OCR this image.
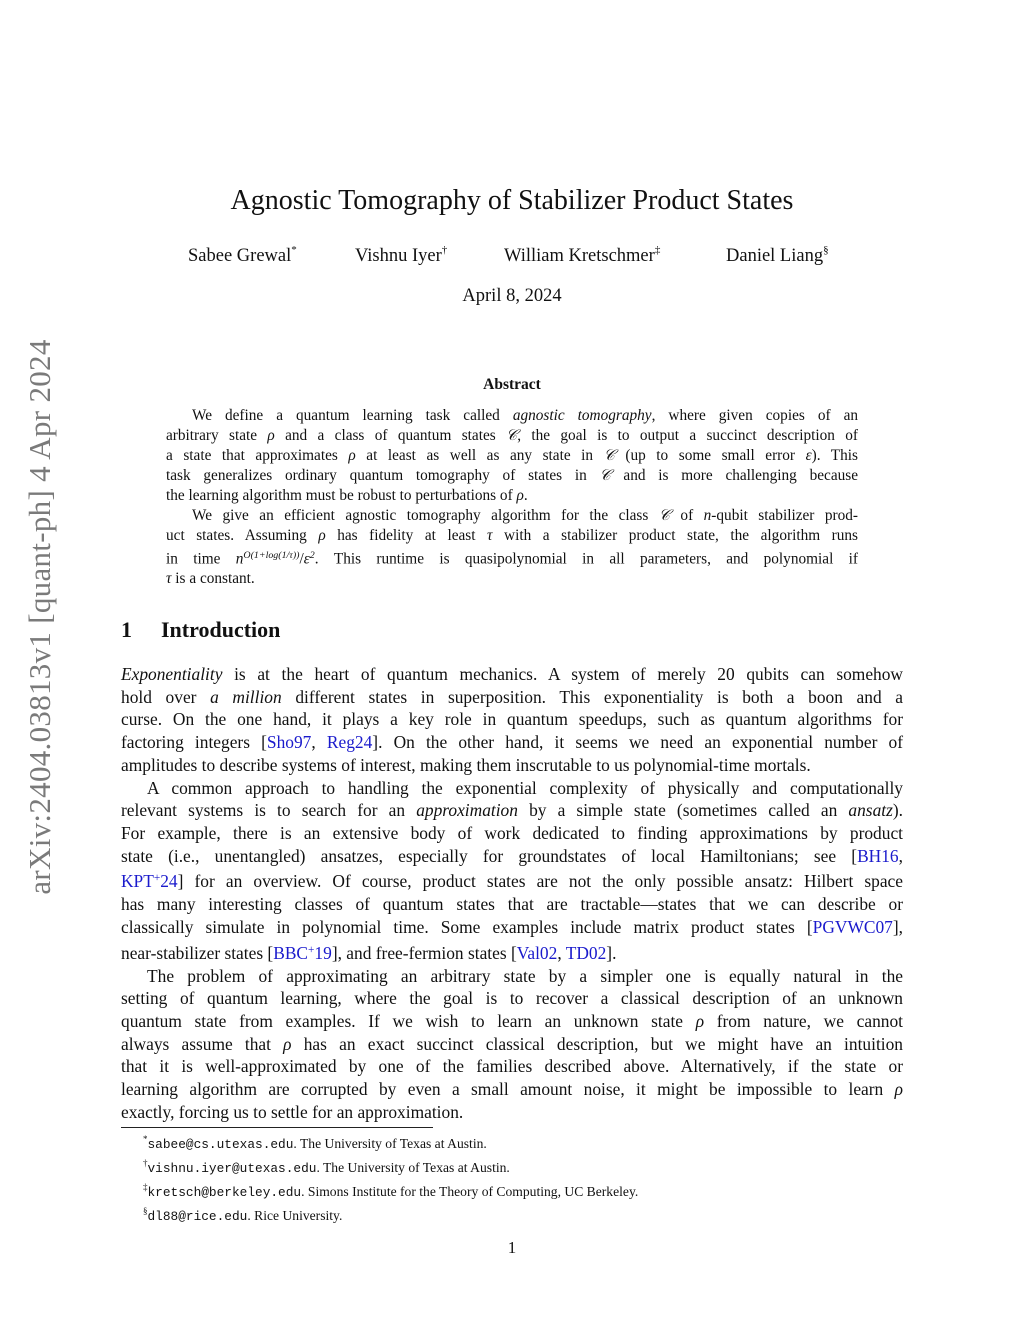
arXiv:2404.03813v1 [quant-ph] 4 Apr 2024
Agnostic Tomography of Stabilizer Product States
Sabee Grewal*	Vishnu Iyer†	William Kretschmer‡	Daniel Liang§
April 8, 2024
Abstract
We define a quantum learning task called agnostic tomography, where given copies of an
arbitrary state ρ and a class of quantum states 𝒞, the goal is to output a succinct description of
a state that approximates ρ at least as well as any state in 𝒞 (up to some small error ε). This
task generalizes ordinary quantum tomography of states in 𝒞 and is more challenging because
the learning algorithm must be robust to perturbations of ρ.
We give an efficient agnostic tomography algorithm for the class 𝒞 of n-qubit stabilizer prod-
uct states. Assuming ρ has fidelity at least τ with a stabilizer product state, the algorithm runs
in time $n^{O(1+log(1/\tau))}/\varepsilon^2$. This runtime is quasipolynomial in all parameters, and polynomial if
τ is a constant.
1 Introduction
Exponentiality is at the heart of quantum mechanics. A system of merely 20 qubits can somehow
hold over a million different states in superposition. This exponentiality is both a boon and a
curse. On the one hand, it plays a key role in quantum speedups, such as quantum algorithms for
factoring integers [Sho97, Reg24]. On the other hand, it seems we need an exponential number of
amplitudes to describe systems of interest, making them inscrutable to us polynomial-time mortals.
A common approach to handling the exponential complexity of physically and computationally
relevant systems is to search for an approximation by a simple state (sometimes called an ansatz).
For example, there is an extensive body of work dedicated to finding approximations by product
state (i.e., unentangled) ansatzes, especially for groundstates of local Hamiltonians; see [BH16,
KPT+24] for an overview. Of course, product states are not the only possible ansatz: Hilbert space
has many interesting classes of quantum states that are tractable—states that we can describe or
classically simulate in polynomial time. Some examples include matrix product states [PGVWC07],
near-stabilizer states [BBC+19], and free-fermion states [Val02, TD02].
The problem of approximating an arbitrary state by a simpler one is equally natural in the
setting of quantum learning, where the goal is to recover a classical description of an unknown
quantum state from examples. If we wish to learn an unknown state ρ from nature, we cannot
always assume that ρ has an exact succinct classical description, but we might have an intuition
that it is well-approximated by one of the families described above. Alternatively, if the state or
learning algorithm are corrupted by even a small amount noise, it might be impossible to learn ρ
exactly, forcing us to settle for an approximation.
*sabee@cs.utexas.edu. The University of Texas at Austin.
†vishnu.iyer@utexas.edu. The University of Texas at Austin.
‡kretsch@berkeley.edu. Simons Institute for the Theory of Computing, UC Berkeley.
§dl88@rice.edu. Rice University.
1
